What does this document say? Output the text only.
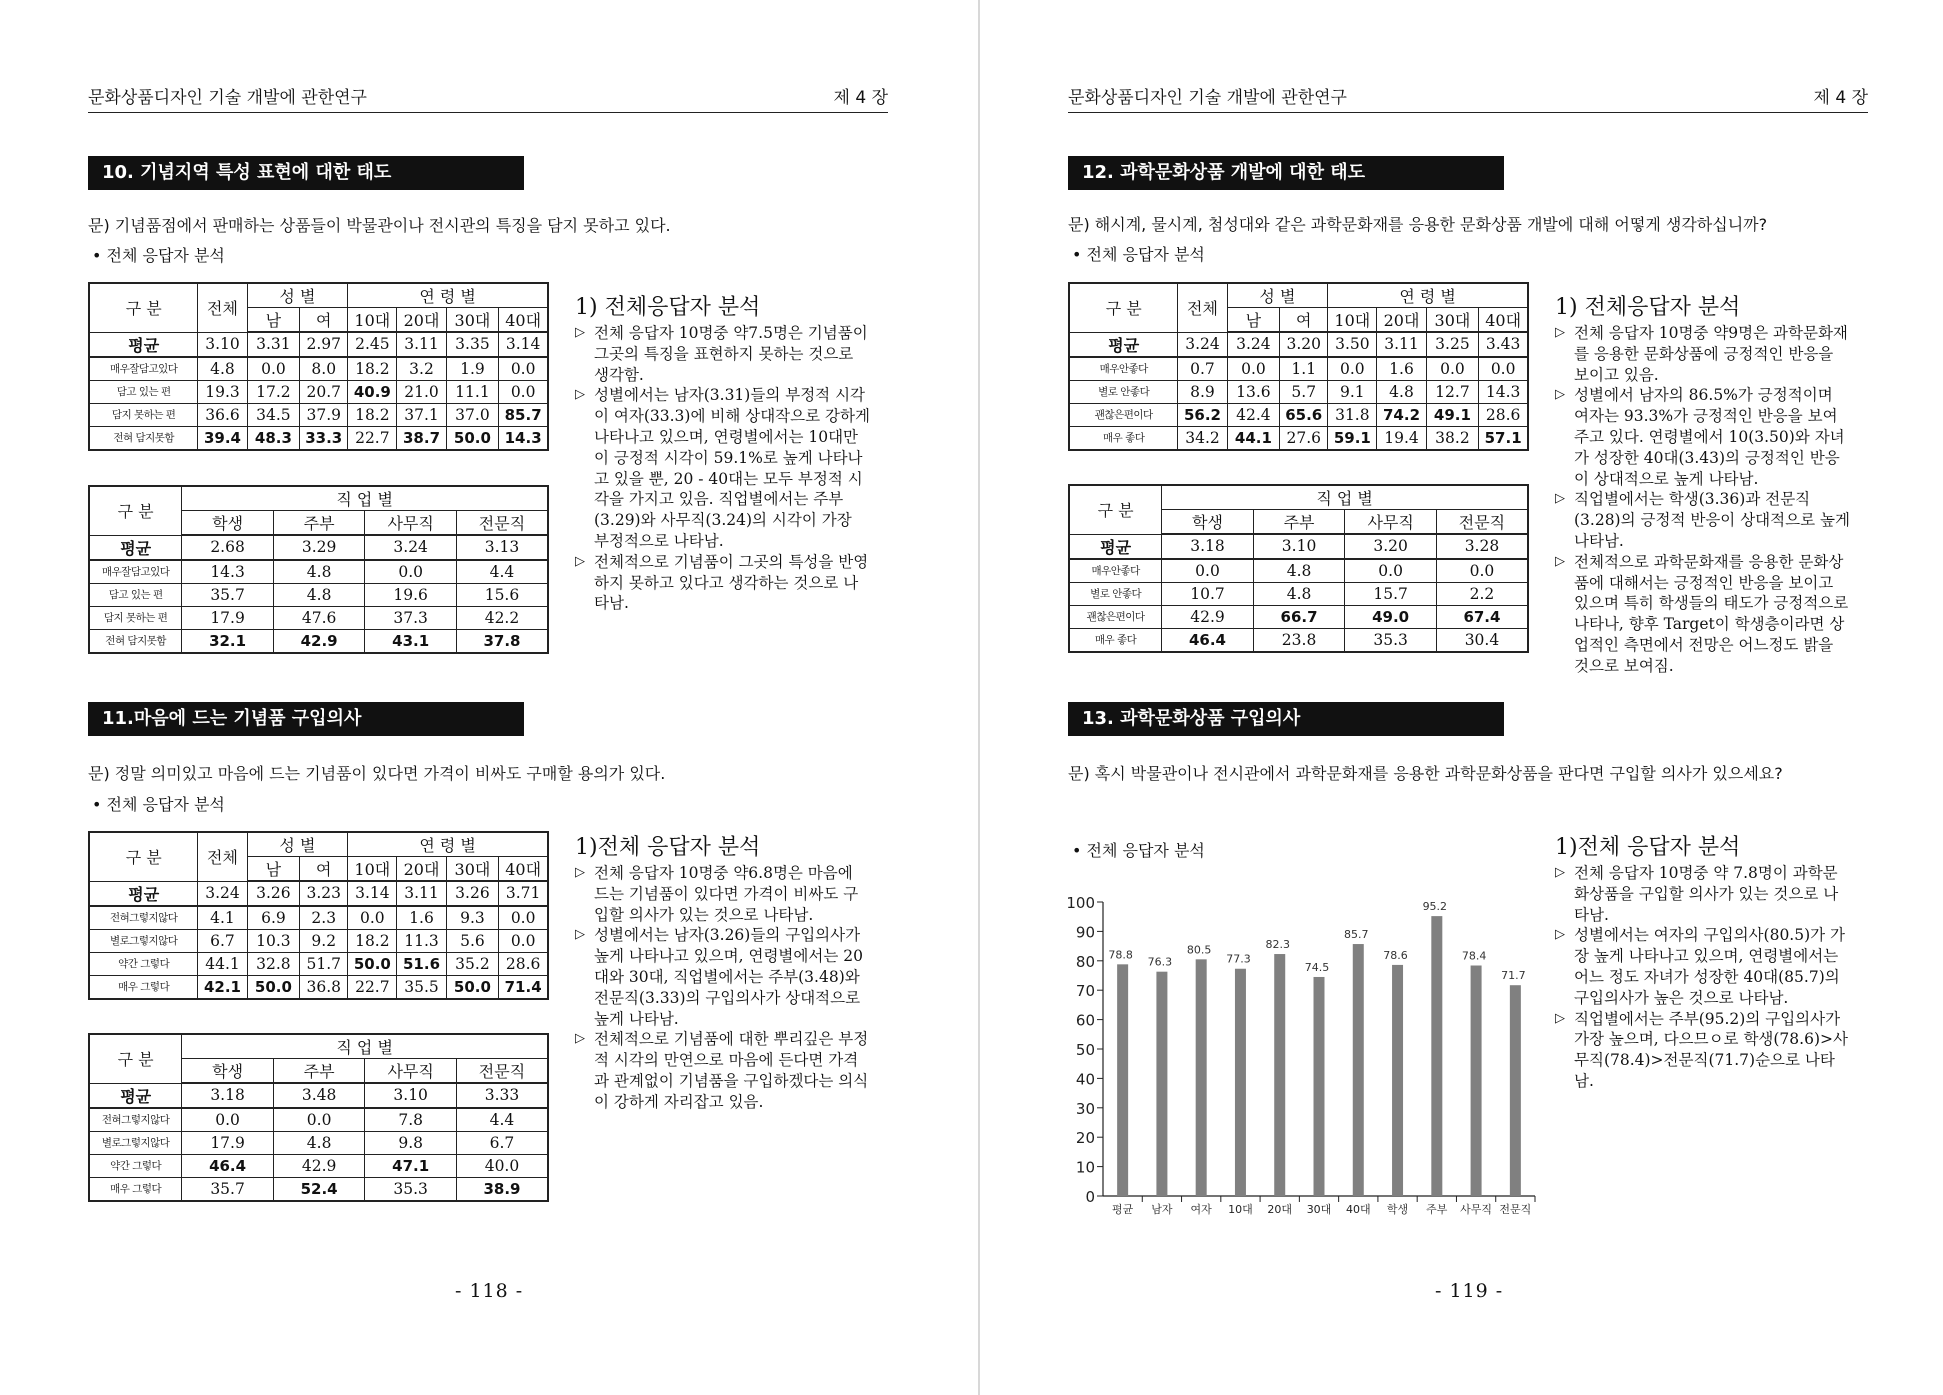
문화상품디자인 기술 개발에 관한연구	제 4 장
10. 기념지역 특성 표현에 대한 태도
문) 기념품점에서 판매하는 상품들이 박물관이나 전시관의 특징을 담지 못하고 있다.
• 전체 응답자 분석
구 분	전체	성 별		연 령 별			
		남	여	10대	20대	30대	40대
평균	3.10	3.31	2.97	2.45	3.11	3.35	3.14
매우잘담고있다	4.8	0.0	8.0	18.2	3.2	1.9	0.0
담고 있는 편	19.3	17.2	20.7	40.9	21.0	11.1	0.0
담지 못하는 편	36.6	34.5	37.9	18.2	37.1	37.0	85.7
전혀 담지못함	39.4	48.3	33.3	22.7	38.7	50.0	14.3
구 분	직 업 별			
	학생	주부	사무직	전문직
평균	2.68	3.29	3.24	3.13
매우잘담고있다	14.3	4.8	0.0	4.4
담고 있는 편	35.7	4.8	19.6	15.6
담지 못하는 편	17.9	47.6	37.3	42.2
전혀 담지못함	32.1	42.9	43.1	37.8
1) 전체응답자 분석
▷ 전체 응답자 10명중 약7.5명은 기념품이 그곳의 특징을 표현하지 못하는 것으로 생각함.
▷ 성별에서는 남자(3.31)들의 부정적 시각이 여자(33.3)에 비해 상대작으로 강하게 나타나고 있으며, 연령별에서는 10대만이 긍정적 시각이 59.1%로 높게 나타나고 있을 뿐, 20 - 40대는 모두 부정적 시각을 가지고 있음. 직업별에서는 주부(3.29)와 사무직(3.24)의 시각이 가장 부정적으로 나타남.
▷ 전체적으로 기념품이 그곳의 특성을 반영하지 못하고 있다고 생각하는 것으로 나타남.
11.마음에 드는 기념품 구입의사
문) 정말 의미있고 마음에 드는 기념품이 있다면 가격이 비싸도 구매할 용의가 있다.
• 전체 응답자 분석
구 분	전체	성 별		연 령 별			
		남	여	10대	20대	30대	40대
평균	3.24	3.26	3.23	3.14	3.11	3.26	3.71
전혀그렇지않다	4.1	6.9	2.3	0.0	1.6	9.3	0.0
별로그렇지않다	6.7	10.3	9.2	18.2	11.3	5.6	0.0
약간 그렇다	44.1	32.8	51.7	50.0	51.6	35.2	28.6
매우 그렇다	42.1	50.0	36.8	22.7	35.5	50.0	71.4
구 분	직 업 별			
	학생	주부	사무직	전문직
평균	3.18	3.48	3.10	3.33
전혀그렇지않다	0.0	0.0	7.8	4.4
별로그렇지않다	17.9	4.8	9.8	6.7
약간 그렇다	46.4	42.9	47.1	40.0
매우 그렇다	35.7	52.4	35.3	38.9
1)전체 응답자 분석
▷ 전체 응답자 10명중 약6.8명은 마음에 드는 기념품이 있다면 가격이 비싸도 구입할 의사가 있는 것으로 나타남.
▷ 성별에서는 남자(3.26)들의 구입의사가 높게 나타나고 있으며, 연령별에서는 20대와 30대, 직업별에서는 주부(3.48)와 전문직(3.33)의 구입의사가 상대적으로 높게 나타남.
▷ 전체적으로 기념품에 대한 뿌리깊은 부정적 시각의 만연으로 마음에 든다면 가격과 관계없이 기념품을 구입하겠다는 의식이 강하게 자리잡고 있음.
- 118 -
문화상품디자인 기술 개발에 관한연구	제 4 장
12. 과학문화상품 개발에 대한 태도
문) 해시계, 물시계, 첨성대와 같은 과학문화재를 응용한 문화상품 개발에 대해 어떻게 생각하십니까?
• 전체 응답자 분석
구 분	전체	성 별		연 령 별			
		남	여	10대	20대	30대	40대
평균	3.24	3.24	3.20	3.50	3.11	3.25	3.43
매우안좋다	0.7	0.0	1.1	0.0	1.6	0.0	0.0
별로 안좋다	8.9	13.6	5.7	9.1	4.8	12.7	14.3
괜찮은편이다	56.2	42.4	65.6	31.8	74.2	49.1	28.6
매우 좋다	34.2	44.1	27.6	59.1	19.4	38.2	57.1
구 분	직 업 별			
	학생	주부	사무직	전문직
평균	3.18	3.10	3.20	3.28
매우안좋다	0.0	4.8	0.0	0.0
별로 안좋다	10.7	4.8	15.7	2.2
괜찮은편이다	42.9	66.7	49.0	67.4
매우 좋다	46.4	23.8	35.3	30.4
1) 전체응답자 분석
▷ 전체 응답자 10명중 약9명은 과학문화재를 응용한 문화상품에 긍정적인 반응을 보이고 있음.
▷ 성별에서 남자의 86.5%가 긍정적이며 여자는 93.3%가 긍정적인 반응을 보여주고 있다. 연령별에서 10(3.50)와 자녀가 성장한 40대(3.43)의 긍정적인 반응이 상대적으로 높게 나타남.
▷ 직업별에서는 학생(3.36)과 전문직(3.28)의 긍정적 반응이 상대적으로 높게 나타남.
▷ 전체적으로 과학문화재를 응용한 문화상품에 대해서는 긍정적인 반응을 보이고 있으며 특히 학생들의 태도가 긍정적으로 나타나, 향후 Target이 학생층이라면 상업적인 측면에서 전망은 어느정도 밝을 것으로 보여짐.
13. 과학문화상품 구입의사
문) 혹시 박물관이나 전시관에서 과학문화재를 응용한 과학문화상품을 판다면 구입할 의사가 있으세요?
• 전체 응답자 분석
0
10
20
30
40
50
60
70
80
90
100
78.8
평균
76.3
남자
80.5
여자
77.3
10대
82.3
20대
74.5
30대
85.7
40대
78.6
학생
95.2
주부
78.4
사무직
71.7
전문직
1)전체 응답자 분석
▷ 전체 응답자 10명중 약 7.8명이 과학문화상품을 구입할 의사가 있는 것으로 나타남.
▷ 성별에서는 여자의 구입의사(80.5)가 가장 높게 나타나고 있으며, 연령별에서는 어느 정도 자녀가 성장한 40대(85.7)의 구입의사가 높은 것으로 나타남.
▷ 직업별에서는 주부(95.2)의 구입의사가 가장 높으며, 다으므ㅇ로 학생(78.6)>사무직(78.4)>전문직(71.7)순으로 나타남.
- 119 -
